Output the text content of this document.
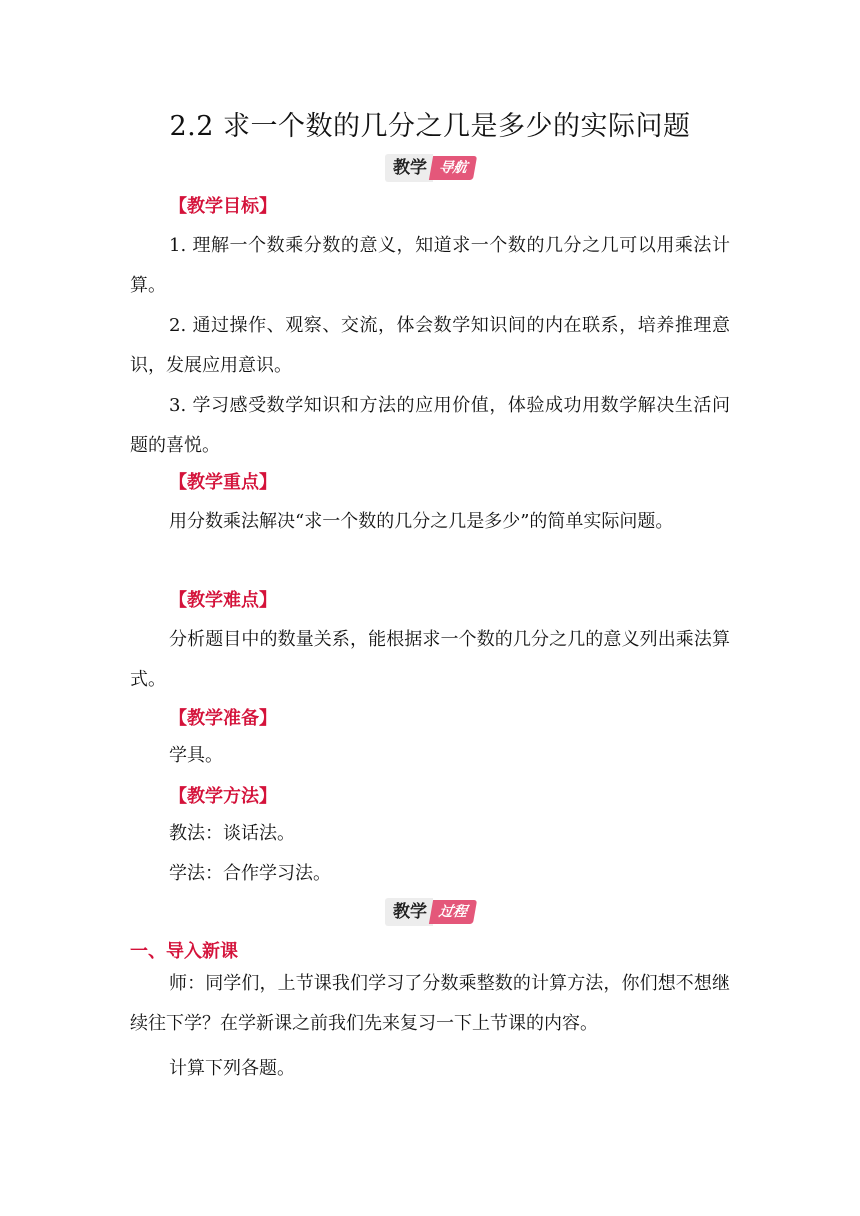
2.2 求一个数的几分之几是多少的实际问题
教学 导航
【教学目标】
1. 理解一个数乘分数的意义，知道求一个数的几分之几可以用乘法计算。
2. 通过操作、观察、交流，体会数学知识间的内在联系，培养推理意识，发展应用意识。
3. 学习感受数学知识和方法的应用价值，体验成功用数学解决生活问题的喜悦。
【教学重点】
用分数乘法解决“求一个数的几分之几是多少”的简单实际问题。
【教学难点】
分析题目中的数量关系，能根据求一个数的几分之几的意义列出乘法算式。
【教学准备】
学具。
【教学方法】
教法：谈话法。
学法：合作学习法。
教学 过程
一、导入新课
师：同学们，上节课我们学习了分数乘整数的计算方法，你们想不想继续往下学？在学新课之前我们先来复习一下上节课的内容。
计算下列各题。
